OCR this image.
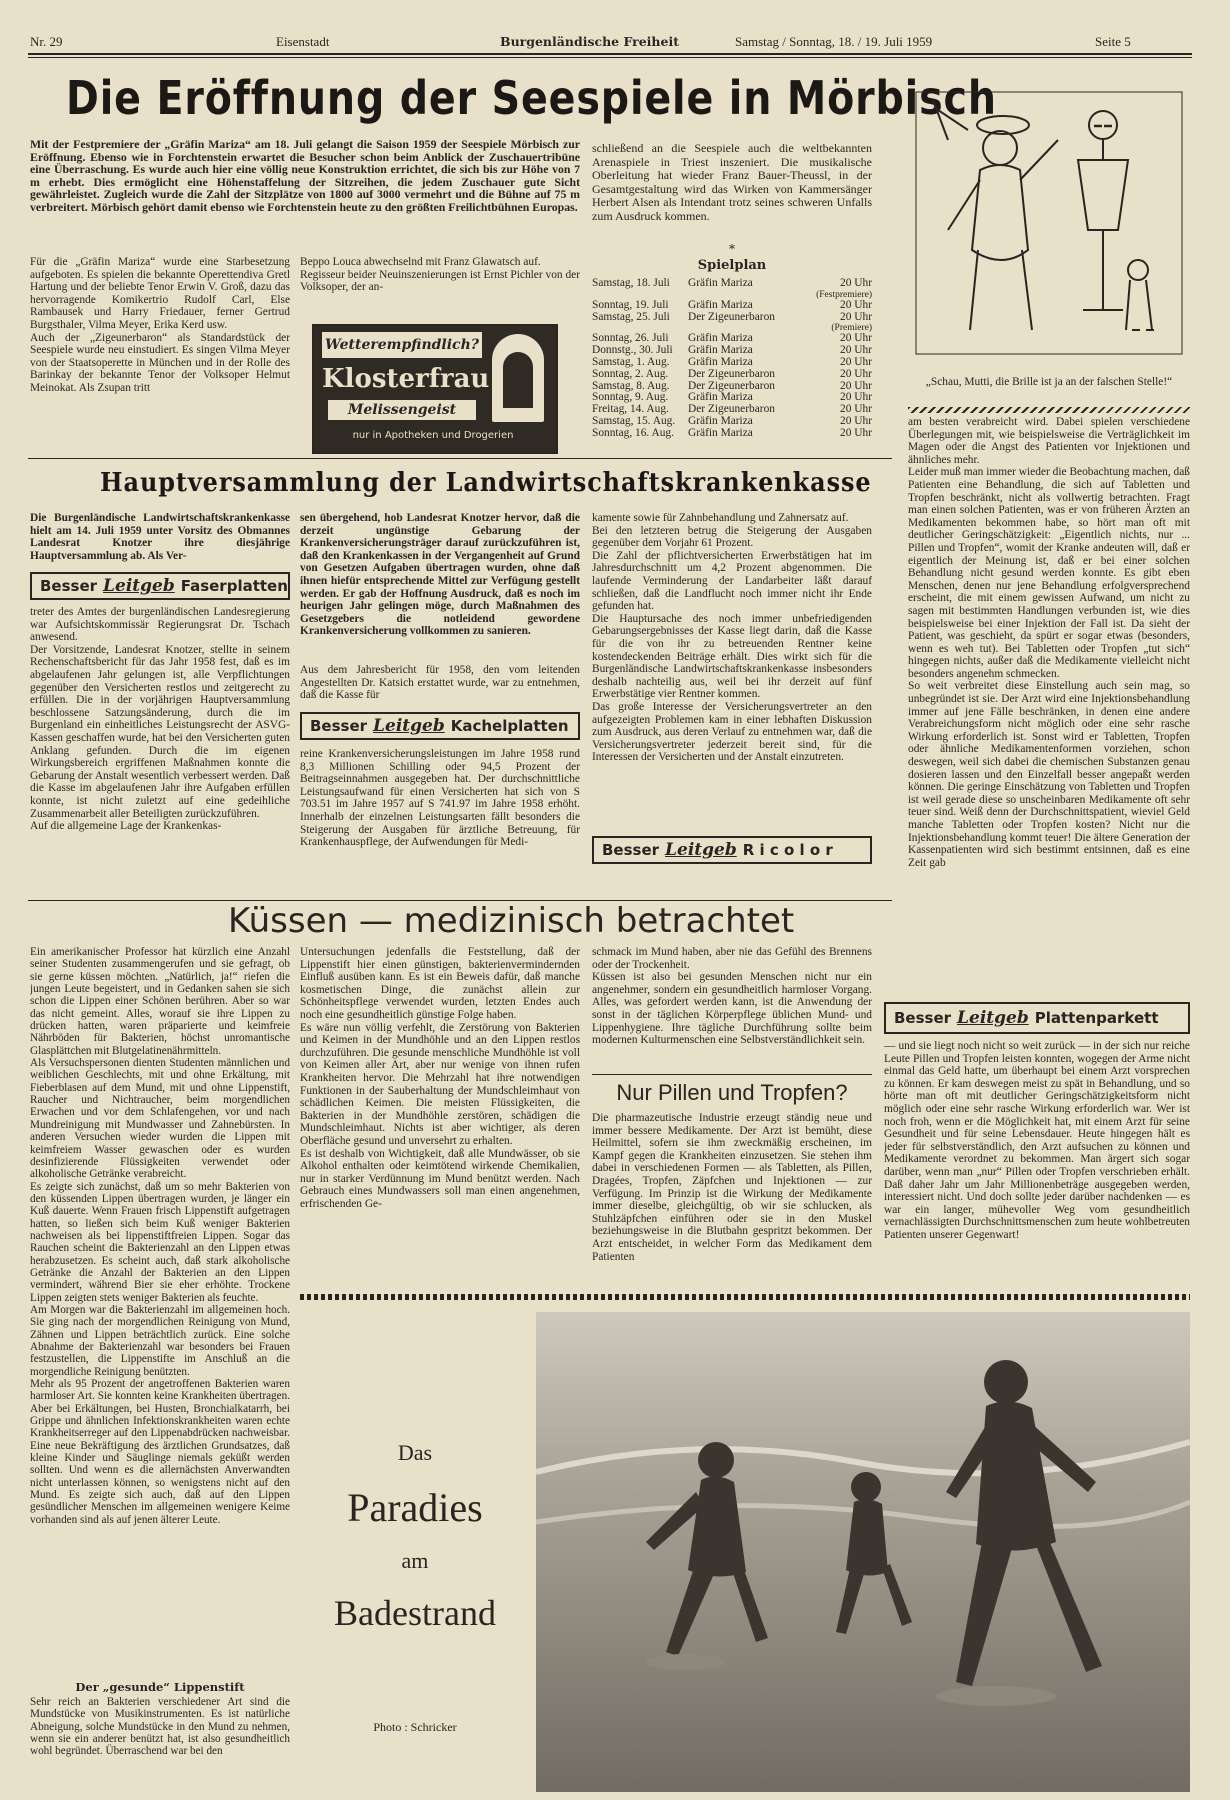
Nr. 29	Eisenstadt	Burgenländische Freiheit	Samstag / Sonntag, 18. / 19. Juli 1959	Seite 5
Die Eröffnung der Seespiele in Mörbisch
Mit der Festpremiere der „Gräfin Mariza“ am 18. Juli gelangt die Saison 1959 der Seespiele Mörbisch zur Eröffnung. Ebenso wie in Forchtenstein erwartet die Besucher schon beim Anblick der Zuschauertribüne eine Überraschung. Es wurde auch hier eine völlig neue Konstruktion errichtet, die sich bis zur Höhe von 7 m erhebt. Dies ermöglicht eine Höhenstaffelung der Sitzreihen, die jedem Zuschauer gute Sicht gewährleistet. Zugleich wurde die Zahl der Sitzplätze von 1800 auf 3000 vermehrt und die Bühne auf 75 m verbreitert. Mörbisch gehört damit ebenso wie Forchtenstein heute zu den größten Freilichtbühnen Europas.
schließend an die Seespiele auch die weltbekannten Arenaspiele in Triest inszeniert. Die musikalische Oberleitung hat wieder Franz Bauer-Theussl, in der Gesamtgestaltung wird das Wirken von Kammersänger Herbert Alsen als Intendant trotz seines schweren Unfalls zum Ausdruck kommen.
*
Für die „Gräfin Mariza“ wurde eine Starbesetzung aufgeboten. Es spielen die bekannte Operettendiva Gretl Hartung und der beliebte Tenor Erwin V. Groß, dazu das hervorragende Komikertrio Rudolf Carl, Else Rambausek und Harry Friedauer, ferner Gertrud Burgsthaler, Vilma Meyer, Erika Kerd usw.
Auch der „Zigeunerbaron“ als Standardstück der Seespiele wurde neu einstudiert. Es singen Vilma Meyer von der Staatsoperette in München und in der Rolle des Barinkay der bekannte Tenor der Volksoper Helmut Meinokat. Als Zsupan tritt
Beppo Louca abwechselnd mit Franz Glawatsch auf.
Regisseur beider Neuinszenierungen ist Ernst Pichler von der Volksoper, der an-
Wetterempfindlich?
Klosterfrau
Melissengeist
nur in Apotheken und Drogerien
Spielplan
Samstag, 18. Juli	Gräfin Mariza	20 Uhr
(Festpremiere)		
Sonntag, 19. Juli	Gräfin Mariza	20 Uhr
Samstag, 25. Juli	Der Zigeunerbaron	20 Uhr
(Premiere)		
Sonntag, 26. Juli	Gräfin Mariza	20 Uhr
Donnstg., 30. Juli	Gräfin Mariza	20 Uhr
Samstag, 1. Aug.	Gräfin Mariza	20 Uhr
Sonntag, 2. Aug.	Der Zigeunerbaron	20 Uhr
Samstag, 8. Aug.	Der Zigeunerbaron	20 Uhr
Sonntag, 9. Aug.	Gräfin Mariza	20 Uhr
Freitag, 14. Aug.	Der Zigeunerbaron	20 Uhr
Samstag, 15. Aug.	Gräfin Mariza	20 Uhr
Sonntag, 16. Aug.	Gräfin Mariza	20 Uhr
„Schau, Mutti, die Brille ist ja an der falschen Stelle!“
am besten verabreicht wird. Dabei spielen verschiedene Überlegungen mit, wie beispielsweise die Verträglichkeit im Magen oder die Angst des Patienten vor Injektionen und ähnliches mehr.
Leider muß man immer wieder die Beobachtung machen, daß Patienten eine Behandlung, die sich auf Tabletten und Tropfen beschränkt, nicht als vollwertig betrachten. Fragt man einen solchen Patienten, was er von früheren Ärzten an Medikamenten bekommen habe, so hört man oft mit deutlicher Geringschätzigkeit: „Eigentlich nichts, nur ... Pillen und Tropfen“, womit der Kranke andeuten will, daß er eigentlich der Meinung ist, daß er bei einer solchen Behandlung nicht gesund werden konnte. Es gibt eben Menschen, denen nur jene Behandlung erfolgversprechend erscheint, die mit einem gewissen Aufwand, um nicht zu sagen mit bestimmten Handlungen verbunden ist, wie dies beispielsweise bei einer Injektion der Fall ist. Da sieht der Patient, was geschieht, da spürt er sogar etwas (besonders, wenn es weh tut). Bei Tabletten oder Tropfen „tut sich“ hingegen nichts, außer daß die Medikamente vielleicht nicht besonders angenehm schmecken.
So weit verbreitet diese Einstellung auch sein mag, so unbegründet ist sie. Der Arzt wird eine Injektionsbehandlung immer auf jene Fälle beschränken, in denen eine andere Verabreichungsform nicht möglich oder eine sehr rasche Wirkung erforderlich ist. Sonst wird er Tabletten, Tropfen oder ähnliche Medikamentenformen vorziehen, schon deswegen, weil sich dabei die chemischen Substanzen genau dosieren lassen und den Einzelfall besser angepaßt werden können. Die geringe Einschätzung von Tabletten und Tropfen ist weil gerade diese so unscheinbaren Medikamente oft sehr teuer sind. Weiß denn der Durchschnittspatient, wieviel Geld manche Tabletten oder Tropfen kosten? Nicht nur die Injektionsbehandlung kommt teuer! Die ältere Generation der Kassenpatienten wird sich bestimmt entsinnen, daß es eine Zeit gab
Hauptversammlung der Landwirtschaftskrankenkasse
Die Burgenländische Landwirtschaftskrankenkasse hielt am 14. Juli 1959 unter Vorsitz des Obmannes Landesrat Knotzer ihre diesjährige Hauptversammlung ab. Als Ver-
Besser Leitgeb Faserplatten
treter des Amtes der burgenländischen Landesregierung war Aufsichtskommissär Regierungsrat Dr. Tschach anwesend.
Der Vorsitzende, Landesrat Knotzer, stellte in seinem Rechenschaftsbericht für das Jahr 1958 fest, daß es im abgelaufenen Jahr gelungen ist, alle Verpflichtungen gegenüber den Versicherten restlos und zeitgerecht zu erfüllen. Die in der vorjährigen Hauptversammlung beschlossene Satzungsänderung, durch die im Burgenland ein einheitliches Leistungsrecht der ASVG-Kassen geschaffen wurde, hat bei den Versicherten guten Anklang gefunden. Durch die im eigenen Wirkungsbereich ergriffenen Maßnahmen konnte die Gebarung der Anstalt wesentlich verbessert werden. Daß die Kasse im abgelaufenen Jahr ihre Aufgaben erfüllen konnte, ist nicht zuletzt auf eine gedeihliche Zusammenarbeit aller Beteiligten zurückzuführen.
Auf die allgemeine Lage der Krankenkas-
sen übergehend, hob Landesrat Knotzer hervor, daß die derzeit ungünstige Gebarung der Krankenversicherungsträger darauf zurückzuführen ist, daß den Krankenkassen in der Vergangenheit auf Grund von Gesetzen Aufgaben übertragen wurden, ohne daß ihnen hiefür entsprechende Mittel zur Verfügung gestellt werden. Er gab der Hoffnung Ausdruck, daß es noch im heurigen Jahr gelingen möge, durch Maßnahmen des Gesetzgebers die notleidend gewordene Krankenversicherung vollkommen zu sanieren.
Aus dem Jahresbericht für 1958, den vom leitenden Angestellten Dr. Katsich erstattet wurde, war zu entnehmen, daß die Kasse für
Besser Leitgeb Kachelplatten
reine Krankenversicherungsleistungen im Jahre 1958 rund 8,3 Millionen Schilling oder 94,5 Prozent der Beitragseinnahmen ausgegeben hat. Der durchschnittliche Leistungsaufwand für einen Versicherten hat sich von S 703.51 im Jahre 1957 auf S 741.97 im Jahre 1958 erhöht. Innerhalb der einzelnen Leistungsarten fällt besonders die Steigerung der Ausgaben für ärztliche Betreuung, für Krankenhauspflege, der Aufwendungen für Medi-
kamente sowie für Zahnbehandlung und Zahnersatz auf.
Bei den letzteren betrug die Steigerung der Ausgaben gegenüber dem Vorjahr 61 Prozent.
Die Zahl der pflichtversicherten Erwerbstätigen hat im Jahresdurchschnitt um 4,2 Prozent abgenommen. Die laufende Verminderung der Landarbeiter läßt darauf schließen, daß die Landflucht noch immer nicht ihr Ende gefunden hat.
Die Hauptursache des noch immer unbefriedigenden Gebarungsergebnisses der Kasse liegt darin, daß die Kasse für die von ihr zu betreuenden Rentner keine kostendeckenden Beiträge erhält. Dies wirkt sich für die Burgenländische Landwirtschaftskrankenkasse insbesonders deshalb nachteilig aus, weil bei ihr derzeit auf fünf Erwerbstätige vier Rentner kommen.
Das große Interesse der Versicherungsvertreter an den aufgezeigten Problemen kam in einer lebhaften Diskussion zum Ausdruck, aus deren Verlauf zu entnehmen war, daß die Versicherungsvertreter jederzeit bereit sind, für die Interessen der Versicherten und der Anstalt einzutreten.
Besser Leitgeb R i c o l o r
Küssen — medizinisch betrachtet
Ein amerikanischer Professor hat kürzlich eine Anzahl seiner Studenten zusammengerufen und sie gefragt, ob sie gerne küssen möchten. „Natürlich, ja!“ riefen die jungen Leute begeistert, und in Gedanken sahen sie sich schon die Lippen einer Schönen berühren. Aber so war das nicht gemeint. Alles, worauf sie ihre Lippen zu drücken hatten, waren präparierte und keimfreie Nährböden für Bakterien, höchst unromantische Glasplättchen mit Blutgelatinenährmitteln.
Als Versuchspersonen dienten Studenten männlichen und weiblichen Geschlechts, mit und ohne Erkältung, mit Fieberblasen auf dem Mund, mit und ohne Lippenstift, Raucher und Nichtraucher, beim morgendlichen Erwachen und vor dem Schlafengehen, vor und nach Mundreinigung mit Mundwasser und Zahnebürsten. In anderen Versuchen wieder wurden die Lippen mit keimfreiem Wasser gewaschen oder es wurden desinfizierende Flüssigkeiten verwendet oder alkoholische Getränke verabreicht.
Es zeigte sich zunächst, daß um so mehr Bakterien von den küssenden Lippen übertragen wurden, je länger ein Kuß dauerte. Wenn Frauen frisch Lippenstift aufgetragen hatten, so ließen sich beim Kuß weniger Bakterien nachweisen als bei lippenstiftfreien Lippen. Sogar das Rauchen scheint die Bakterienzahl an den Lippen etwas herabzusetzen. Es scheint auch, daß stark alkoholische Getränke die Anzahl der Bakterien an den Lippen vermindert, während Bier sie eher erhöhte. Trockene Lippen zeigten stets weniger Bakterien als feuchte.
Am Morgen war die Bakterienzahl im allgemeinen hoch. Sie ging nach der morgendlichen Reinigung von Mund, Zähnen und Lippen beträchtlich zurück. Eine solche Abnahme der Bakterienzahl war besonders bei Frauen festzustellen, die Lippenstifte im Anschluß an die morgendliche Reinigung benützten.
Mehr als 95 Prozent der angetroffenen Bakterien waren harmloser Art. Sie konnten keine Krankheiten übertragen. Aber bei Erkältungen, bei Husten, Bronchialkatarrh, bei Grippe und ähnlichen Infektionskrankheiten waren echte Krankheitserreger auf den Lippenabdrücken nachweisbar. Eine neue Bekräftigung des ärztlichen Grundsatzes, daß kleine Kinder und Säuglinge niemals geküßt werden sollten. Und wenn es die allernächsten Anverwandten nicht unterlassen können, so wenigstens nicht auf den Mund. Es zeigte sich auch, daß auf den Lippen gesündlicher Menschen im allgemeinen wenigere Keime vorhanden sind als auf jenen älterer Leute.
Der „gesunde“ Lippenstift
Sehr reich an Bakterien verschiedener Art sind die Mundstücke von Musikinstrumenten. Es ist natürliche Abneigung, solche Mundstücke in den Mund zu nehmen, wenn sie ein anderer benützt hat, ist also gesundheitlich wohl begründet. Überraschend war bei den
Untersuchungen jedenfalls die Feststellung, daß der Lippenstift hier einen günstigen, bakterienvermindernden Einfluß ausüben kann. Es ist ein Beweis dafür, daß manche kosmetischen Dinge, die zunächst allein zur Schönheitspflege verwendet wurden, letzten Endes auch noch eine gesundheitlich günstige Folge haben.
Es wäre nun völlig verfehlt, die Zerstörung von Bakterien und Keimen in der Mundhöhle und an den Lippen restlos durchzuführen. Die gesunde menschliche Mundhöhle ist voll von Keimen aller Art, aber nur wenige von ihnen rufen Krankheiten hervor. Die Mehrzahl hat ihre notwendigen Funktionen in der Sauberhaltung der Mundschleimhaut von schädlichen Keimen. Die meisten Flüssigkeiten, die Bakterien in der Mundhöhle zerstören, schädigen die Mundschleimhaut. Nichts ist aber wichtiger, als deren Oberfläche gesund und unversehrt zu erhalten.
Es ist deshalb von Wichtigkeit, daß alle Mundwässer, ob sie Alkohol enthalten oder keimtötend wirkende Chemikalien, nur in starker Verdünnung im Mund benützt werden. Nach Gebrauch eines Mundwassers soll man einen angenehmen, erfrischenden Ge-
schmack im Mund haben, aber nie das Gefühl des Brennens oder der Trockenheit.
Küssen ist also bei gesunden Menschen nicht nur ein angenehmer, sondern ein gesundheitlich harmloser Vorgang. Alles, was gefordert werden kann, ist die Anwendung der sonst in der täglichen Körperpflege üblichen Mund- und Lippenhygiene. Ihre tägliche Durchführung sollte beim modernen Kulturmenschen eine Selbstverständlichkeit sein.
Nur Pillen und Tropfen?
Die pharmazeutische Industrie erzeugt ständig neue und immer bessere Medikamente. Der Arzt ist bemüht, diese Heilmittel, sofern sie ihm zweckmäßig erscheinen, im Kampf gegen die Krankheiten einzusetzen. Sie stehen ihm dabei in verschiedenen Formen — als Tabletten, als Pillen, Dragées, Tropfen, Zäpfchen und Injektionen — zur Verfügung. Im Prinzip ist die Wirkung der Medikamente immer dieselbe, gleichgültig, ob wir sie schlucken, als Stuhlzäpfchen einführen oder sie in den Muskel beziehungsweise in die Blutbahn gespritzt bekommen. Der Arzt entscheidet, in welcher Form das Medikament dem Patienten
Besser Leitgeb Plattenparkett
— und sie liegt noch nicht so weit zurück — in der sich nur reiche Leute Pillen und Tropfen leisten konnten, wogegen der Arme nicht einmal das Geld hatte, um überhaupt bei einem Arzt vorsprechen zu können. Er kam deswegen meist zu spät in Behandlung, und so hörte man oft mit deutlicher Geringschätzigkeitsform nicht möglich oder eine sehr rasche Wirkung erforderlich war. Wer ist noch froh, wenn er die Möglichkeit hat, mit einem Arzt für seine Gesundheit und für seine Lebensdauer. Heute hingegen hält es jeder für selbstverständlich, den Arzt aufsuchen zu können und Medikamente verordnet zu bekommen. Man ärgert sich sogar darüber, wenn man „nur“ Pillen oder Tropfen verschrieben erhält. Daß daher Jahr um Jahr Millionenbeträge ausgegeben werden, interessiert nicht. Und doch sollte jeder darüber nachdenken — es war ein langer, mühevoller Weg vom gesundheitlich vernachlässigten Durchschnittsmenschen zum heute wohlbetreuten Patienten unserer Gegenwart!
Das
Paradies
am
Badestrand
Photo : Schricker
